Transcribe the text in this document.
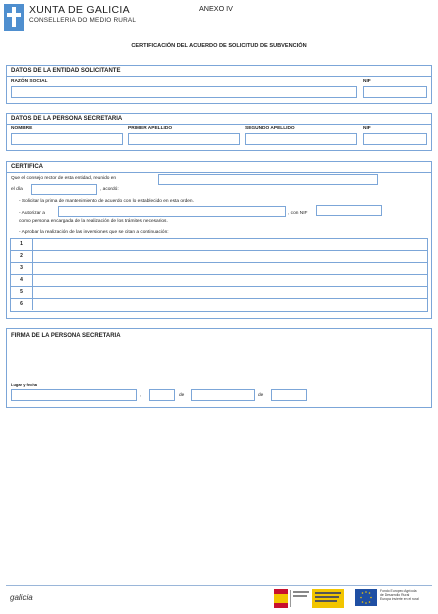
XUNTA DE GALICIA
CONSELLERIA DO MEDIO RURAL
ANEXO IV
CERTIFICACIÓN DEL ACUERDO DE SOLICITUD DE SUBVENCIÓN
DATOS DE LA ENTIDAD SOLICITANTE
RAZÓN SOCIAL	NIF
DATOS DE LA PERSONA SECRETARIA
NOMBRE	PRIMER APELLIDO	SEGUNDO APELLIDO	NIF
CERTIFICA
Que el consejo rector de esta entidad, reunido en
el día	, acordó:
- Solicitar la prima de mantenimiento de acuerdo con lo establecido en esta orden.
- Autorizar a	, con NIF
como persona encargada de la realización de los trámites necesarios.
- Aprobar la realización de las inversiones que se citan a continuación:
1
2
3
4
5
6
FIRMA DE LA PERSONA SECRETARIA
Lugar y fecha
,	de	de
galicia
Fondo Europeo Agrícola
de Desarrollo Rural
Europa invierte en el rural
